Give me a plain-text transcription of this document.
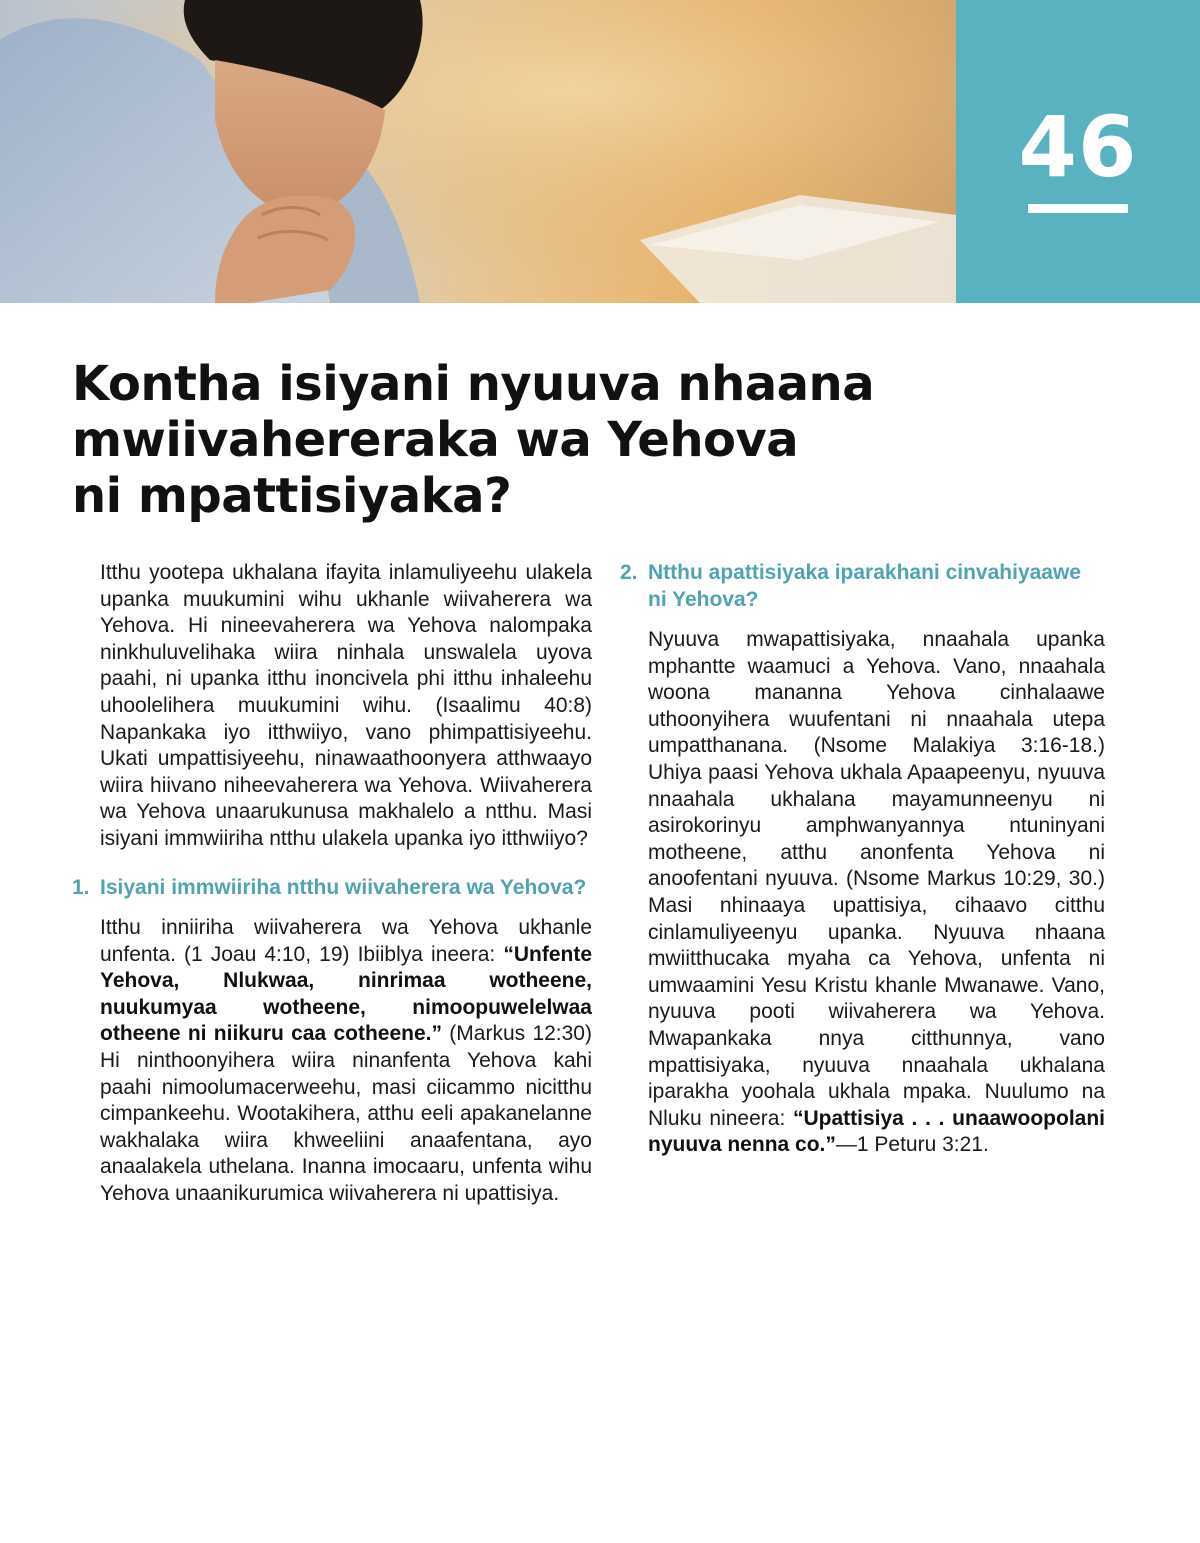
46
Kontha isiyani nyuuva nhaana
mwiivahereraka wa Yehova
ni mpattisiyaka?

Itthu yootepa ukhalana ifayita inlamuliyeehu ulakela upanka muukumini wihu ukhanle wiivaherera wa Yehova. Hi nineevaherera wa Yehova nalompaka ninkhuluvelihaka wiira ninhala unswalela uyova paahi, ni upanka itthu inoncivela phi itthu inhaleehu uhoolelihera muukumini wihu. (Isaalimu 40:8) Napankaka iyo itthwiiyo, vano phimpattisiyeehu. Ukati umpattisiyeehu, ninawaathoonyera atthwaayo wiira hiivano niheevaherera wa Yehova. Wiivaherera wa Yehova unaarukunusa makhalelo a ntthu. Masi isiyani immwiiriha ntthu ulakela upanka iyo itthwiiyo?

1. Isiyani immwiiriha ntthu wiivaherera wa Yehova?

Itthu inniiriha wiivaherera wa Yehova ukhanle unfenta. (1 Joau 4:10, 19) Ibiiblya ineera: “Unfente Yehova, Nlukwaa, ninrimaa wotheene, nuukumyaa wotheene, nimoopuwelelwaa otheene ni niikuru caa cotheene.” (Markus 12:30) Hi ninthoonyihera wiira ninanfenta Yehova kahi paahi nimoolumacerweehu, masi ciicammo nicitthu cimpankeehu. Wootakihera, atthu eeli apakanelanne wakhalaka wiira khweeliini anaafentana, ayo anaalakela uthelana. Inanna imocaaru, unfenta wihu Yehova unaanikurumica wiivaherera ni upattisiya.

2. Ntthu apattisiyaka iparakhani cinvahiyaawe ni Yehova?

Nyuuva mwapattisiyaka, nnaahala upanka mphantte waamuci a Yehova. Vano, nnaahala woona mananna Yehova cinhalaawe uthoonyihera wuufentani ni nnaahala utepa umpatthanana. (Nsome Malakiya 3:16-18.) Uhiya paasi Yehova ukhala Apaapeenyu, nyuuva nnaahala ukhalana mayamunneenyu ni asirokorinyu amphwanyannya ntuninyani motheene, atthu anonfenta Yehova ni anoofentani nyuuva. (Nsome Markus 10:29, 30.) Masi nhinaaya upattisiya, cihaavo citthu cinlamuliyeenyu upanka. Nyuuva nhaana mwiitthucaka myaha ca Yehova, unfenta ni umwaamini Yesu Kristu khanle Mwanawe. Vano, nyuuva pooti wiivaherera wa Yehova. Mwapankaka nnya citthunnya, vano mpattisiyaka, nyuuva nnaahala ukhalana iparakha yoohala ukhala mpaka. Nuulumo na Nluku nineera: “Upattisiya . . . unaawoopolani nyuuva nenna co.”—1 Peturu 3:21.
